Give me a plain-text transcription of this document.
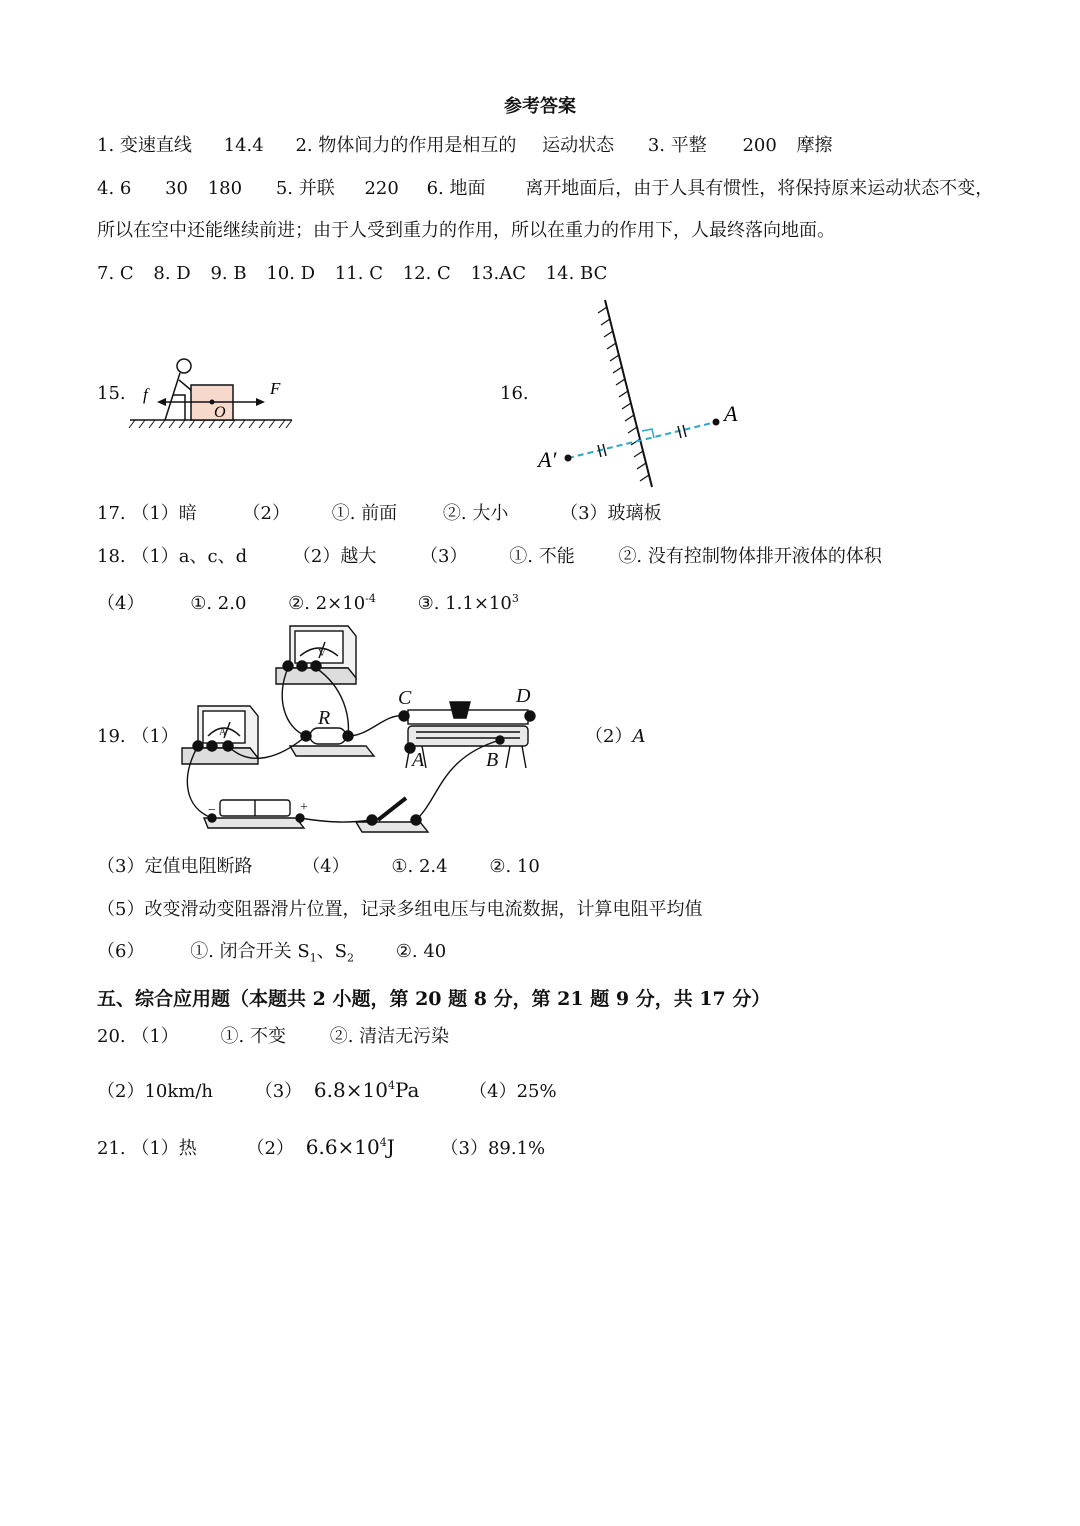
参考答案
1. 变速直线 14.4 2. 物体间力的作用是相互的 运动状态 3. 平整 200 摩擦
4. 6 30 180 5. 并联 220 6. 地面 离开地面后，由于人具有惯性，将保持原来运动状态不变，
所以在空中还能继续前进；由于人受到重力的作用，所以在重力的作用下，人最终落向地面。
7. C 8. D 9. B 10. D 11. C 12. C 13.AC 14. BC
15. f	F
O
16.
A
A′
17. （1）暗	（2） ①. 前面	②. 大小	（3）玻璃板
18. （1）a、c、d	（2）越大 （3） ①. 不能 ②. 没有控制物体排开液体的体积
（4）	①. 2.0 ②. $2\times 10^{-4}$ ③. $1.1\times 10^3$
19. （1）	（2）A
−
V
A
R
C	D
A	B
−	+
（3）定值电阻断路	（4） ①. 2.4 ②. 10
（5）改变滑动变阻器滑片位置，记录多组电压与电流数据，计算电阻平均值
（6）	①. 闭合开关 $S_1$、$S_2$ ②. 40
五、综合应用题（本题共 2 小题，第 20 题 8 分，第 21 题 9 分，共 17 分）
20. （1） ①. 不变 ②. 清洁无污染
（2）10km/h （3） $6.8\times 10^4Pa$	（4）25%
21. （1）热	（2） $6.6\times 10^4J$	（3）89.1%
